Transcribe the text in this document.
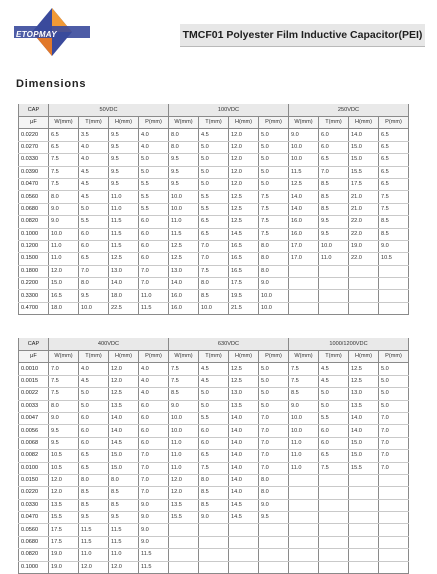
ETOPMAY	TMCF01 Polyester Film Inductive Capacitor(PEI)
Dimensions
CAP	50VDC				100VDC				250VDC			
μF	W(mm)	T(mm)	H(mm)	P(mm)	W(mm)	T(mm)	H(mm)	P(mm)	W(mm)	T(mm)	H(mm)	P(mm)
0.0220	6.5	3.5	9.5	4.0	8.0	4.5	12.0	5.0	9.0	6.0	14.0	6.5
0.0270	6.5	4.0	9.5	4.0	8.0	5.0	12.0	5.0	10.0	6.0	15.0	6.5
0.0330	7.5	4.0	9.5	5.0	9.5	5.0	12.0	5.0	10.0	6.5	15.0	6.5
0.0390	7.5	4.5	9.5	5.0	9.5	5.0	12.0	5.0	11.5	7.0	15.5	6.5
0.0470	7.5	4.5	9.5	5.5	9.5	5.0	12.0	5.0	12.5	8.5	17.5	6.5
0.0560	8.0	4.5	11.0	5.5	10.0	5.5	12.5	7.5	14.0	8.5	21.0	7.5
0.0680	9.0	5.0	11.0	5.5	10.0	5.5	12.5	7.5	14.0	8.5	21.0	7.5
0.0820	9.0	5.5	11.5	6.0	11.0	6.5	12.5	7.5	16.0	9.5	22.0	8.5
0.1000	10.0	6.0	11.5	6.0	11.5	6.5	14.5	7.5	16.0	9.5	22.0	8.5
0.1200	11.0	6.0	11.5	6.0	12.5	7.0	16.5	8.0	17.0	10.0	19.0	9.0
0.1500	11.0	6.5	12.5	6.0	12.5	7.0	16.5	8.0	17.0	11.0	22.0	10.5
0.1800	12.0	7.0	13.0	7.0	13.0	7.5	16.5	8.0				
0.2200	15.0	8.0	14.0	7.0	14.0	8.0	17.5	9.0				
0.3300	16.5	9.5	18.0	11.0	16.0	8.5	19.5	10.0				
0.4700	18.0	10.0	22.5	11.5	16.0	10.0	21.5	10.0				
CAP	400VDC				630VDC				1000/1200VDC			
μF	W(mm)	T(mm)	H(mm)	P(mm)	W(mm)	T(mm)	H(mm)	P(mm)	W(mm)	T(mm)	H(mm)	P(mm)
0.0010	7.0	4.0	12.0	4.0	7.5	4.5	12.5	5.0	7.5	4.5	12.5	5.0
0.0015	7.5	4.5	12.0	4.0	7.5	4.5	12.5	5.0	7.5	4.5	12.5	5.0
0.0022	7.5	5.0	12.5	4.0	8.5	5.0	13.0	5.0	8.5	5.0	13.0	5.0
0.0033	8.0	5.0	13.5	6.0	9.0	5.0	13.5	5.0	9.0	5.0	13.5	5.0
0.0047	9.0	6.0	14.0	6.0	10.0	5.5	14.0	7.0	10.0	5.5	14.0	7.0
0.0056	9.5	6.0	14.0	6.0	10.0	6.0	14.0	7.0	10.0	6.0	14.0	7.0
0.0068	9.5	6.0	14.5	6.0	11.0	6.0	14.0	7.0	11.0	6.0	15.0	7.0
0.0082	10.5	6.5	15.0	7.0	11.0	6.5	14.0	7.0	11.0	6.5	15.0	7.0
0.0100	10.5	6.5	15.0	7.0	11.0	7.5	14.0	7.0	11.0	7.5	15.5	7.0
0.0150	12.0	8.0	8.0	7.0	12.0	8.0	14.0	8.0				
0.0220	12.0	8.5	8.5	7.0	12.0	8.5	14.0	8.0				
0.0330	13.5	8.5	8.5	9.0	13.5	8.5	14.5	9.0				
0.0470	15.5	9.5	9.5	9.0	15.5	9.0	14.5	9.5				
0.0560	17.5	11.5	11.5	9.0								
0.0680	17.5	11.5	11.5	9.0								
0.0820	19.0	11.0	11.0	11.5								
0.1000	19.0	12.0	12.0	11.5								
